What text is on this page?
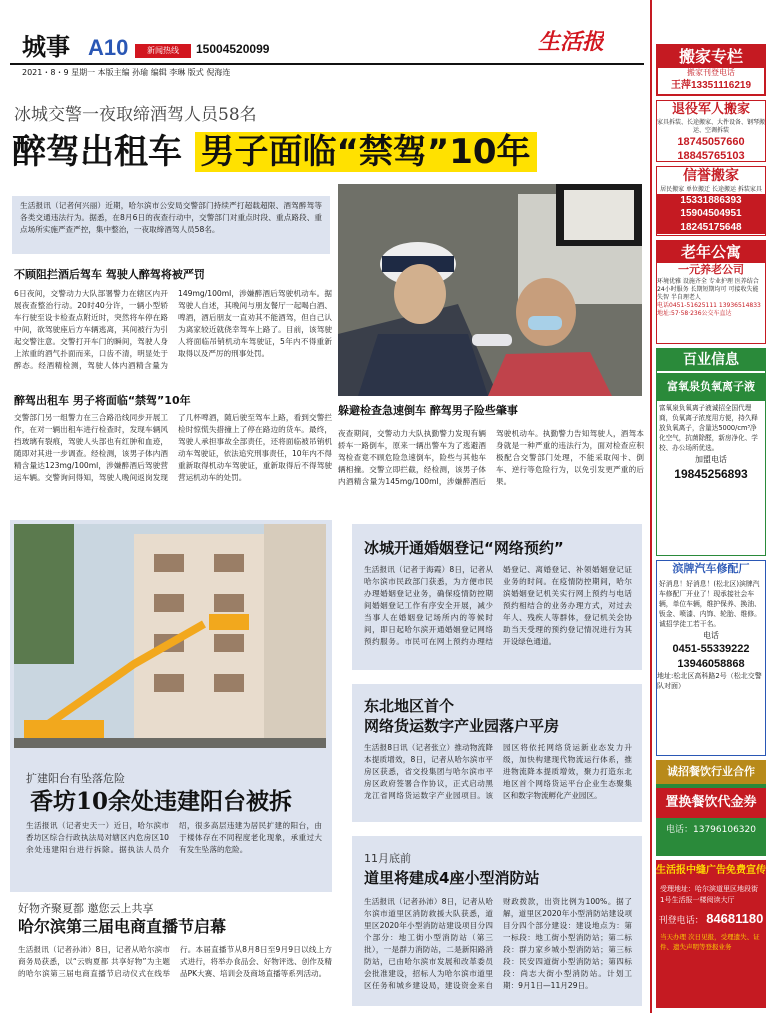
城事 A10	新闻热线	15004520099	生活报
2021・8・9 星期一 本版主编 孙瑜 编辑 李琳 版式 倪海连
冰城交警一夜取缔酒驾人员58名
醉驾出租车 男子面临“禁驾”10年
生活报讯（记者何兴丽）近期，哈尔滨市公安局交警部门持续严打超载超限、酒驾醉驾等各类交通违法行为。据悉，在8月6日的夜查行动中，交警部门对重点时段、重点路段、重点场所实施严查严控，集中整治，一夜取缔酒驾人员58名。
躲避检查急速倒车 醉驾男子险些肇事
夜查期间，交警动力大队执勤警力发现有辆轿车一路倒车，原来一辆出警车为了逃避酒驾检查竟不顾危险急速倒车，险些与其他车辆相撞。交警立即拦截，经检测，该男子体内酒精含量为145mg/100ml，涉嫌醉酒后驾驶机动车。执勤警力告知驾驶人，酒驾本身就是一种严重的违法行为，面对检查应积极配合交警部门处理，不能采取闯卡、倒车、逆行等危险行为，以免引发更严重的后果。
不顾阻拦酒后驾车 驾驶人醉驾将被严罚
6日夜间，交警动力大队部署警力在辖区内开展夜查整治行动。20时40分许，一辆小型轿车行驶至设卡检查点附近时，突然将车停在路中间，欲驾驶座后方车辆逃离，其间被行为引起交警注意。交警打开车门的瞬间，驾驶人身上浓重的酒气扑面而来，口齿不清，明显处于醉态。经酒精检测，驾驶人体内酒精含量为149mg/100ml，涉嫌醉酒后驾驶机动车。据驾驶人自述，其晚间与朋友餐厅一起喝白酒、啤酒，酒后朋友一直劝其不能酒驾，但自己认为离家较近就侥幸驾车上路了。目前，该驾驶人将面临吊销机动车驾驶证，5年内不得重新取得以及严厉的刑事处罚。
醉驾出租车 男子将面临“禁驾”10年
交警部门另一组警力在三合路沿线同步开展工作，在对一辆出租车进行检查时，发现车辆风挡玻璃有裂痕，驾驶人头部也有红肿和血迹，随即对其进一步调查。经检测，该男子体内酒精含量达123mg/100ml，涉嫌醉酒后驾驶营运车辆。交警询问得知，驾驶人晚间返岗发现了几杯啤酒，随后驶至驾车上路，看到交警拦检时惊慌失措撞上了停在路边的货车。最终，驾驶人承担事故全部责任，还将面临被吊销机动车驾驶证，依法追究刑事责任，10年内不得重新取得机动车驾驶证，重新取得后不得驾驶营运机动车的处罚。
扩建阳台有坠落危险
香坊10余处违建阳台被拆
生活报讯（记者史天一）近日，哈尔滨市香坊区综合行政执法局对辖区内危房区10余处违建阳台进行拆除。据执法人员介绍，很多高层违建为居民扩建的阳台，由于楼体存在不同程度老化现象，承重过大有发生坠落的危险。
好物齐聚夏都 邀您云上共享
哈尔滨第三届电商直播节启幕
生活报讯（记者孙沛）8日，记者从哈尔滨市商务局获悉，以“云购夏都 共享好物”为主题的哈尔滨第三届电商直播节启动仪式在线举行。本届直播节从8月8日至9月9日以线上方式进行，将举办食品会、好物评选、创作及精品PK大赛、培训会及商场直播等系列活动。
冰城开通婚姻登记“网络预约”
生活报讯（记者于海霞）8日，记者从哈尔滨市民政部门获悉，为方便市民办理婚姻登记业务，确保疫情防控期间婚姻登记工作有序安全开展，减少当事人在婚姻登记场所内的等候时间，即日起哈尔滨开通婚姻登记网络预约服务。市民可在网上预约办理结婚登记、离婚登记、补领婚姻登记证业务的时间。在疫情防控期间，哈尔滨婚姻登记机关实行网上预约与电话预约相结合的业务办理方式，对过去年人、残疾人等群体，登记机关会协助当天受理的预约登记情况进行为其开设绿色通道。
东北地区首个
网络货运数字产业园落户平房
生活报8日讯（记者张立）推动物流降本提质增效，8日，记者从哈尔滨市平房区获悉，省交投集团与哈尔滨市平房区政府签署合作协议，正式启动黑龙江省网络货运数字产业园项目。该园区将依托网络货运新业态发力升级，加快构建现代物流运行体系，推进物流降本提质增效，聚力打造东北地区首个网络货运平台企业生态聚集区和数字物流孵化产业园区。
11月底前
道里将建成4座小型消防站
生活报讯（记者孙沛）8日，记者从哈尔滨市道里区消防救援大队获悉，道里区2020年小型消防站建设项目分四个部分：地工街小型消防站（第三批），一是群力消防站，二是新阳路消防站，已由哈尔滨市发展和改革委员会批准建设，招标人为哈尔滨市道里区任务和城乡建设局，建设资金来自财政拨款，出资比例为100%。据了解，道里区2020年小型消防站建设项目分四个部分建设：建设地点为：第一标段：地工街小型消防站；第二标段：群力家乡城小型消防站；第三标段：民安四道街小型消防站；第四标段：尚志大街小型消防站。计划工期：9月1日—11月29日。
搬家专栏
搬家刊登电话
王萍13351116219
退役军人搬家
家具拆装、长途搬家、大件设备、钢琴搬运、空调拆装
18745057660
18845765103
信誉搬家
居民搬家 单位搬迁 长途搬运 拆装家具
15331886393
15904504951
18245175648
老年公寓
一元养老公司
环境优雅 设施齐全 专业护理 医养结合 24小时服务 长期短期均可 可接收失能 失智 半自理老人
电话0451-51625111 13936514833
地址:57·58·236公交车直达
百业信息
富氧泉负氧离子液
富氧泉负氧离子液诚招全国代理商，负氧离子浓度用方便，持久释放负氧离子，含量达5000/cm³净化空气，抗菌除醛，新房净化、学校、办公场所优选。
加盟电话
19845256893
滨牌汽车修配厂
好消息！好消息！(松北区)滨牌汽车修配厂开业了！现承接社会车辆，单位车辆，维护保养、换油、钣金、喷漆、内饰、轮胎、维修。诚招学徒工若干名。
电话
0451-55339222
13946058868
地址:松北区高科路2号（松北交警队对面）
诚招餐饮行业合作
置换餐饮代金券
电话：13796106320
生活报中缝广告免费宣传
受理地址：哈尔滨道里区地段街1号生活报一楼阅读大厅
刊登电话： 84681180
当天办理 次日见报，受理遗失、证件、遗失声明等登报业务
